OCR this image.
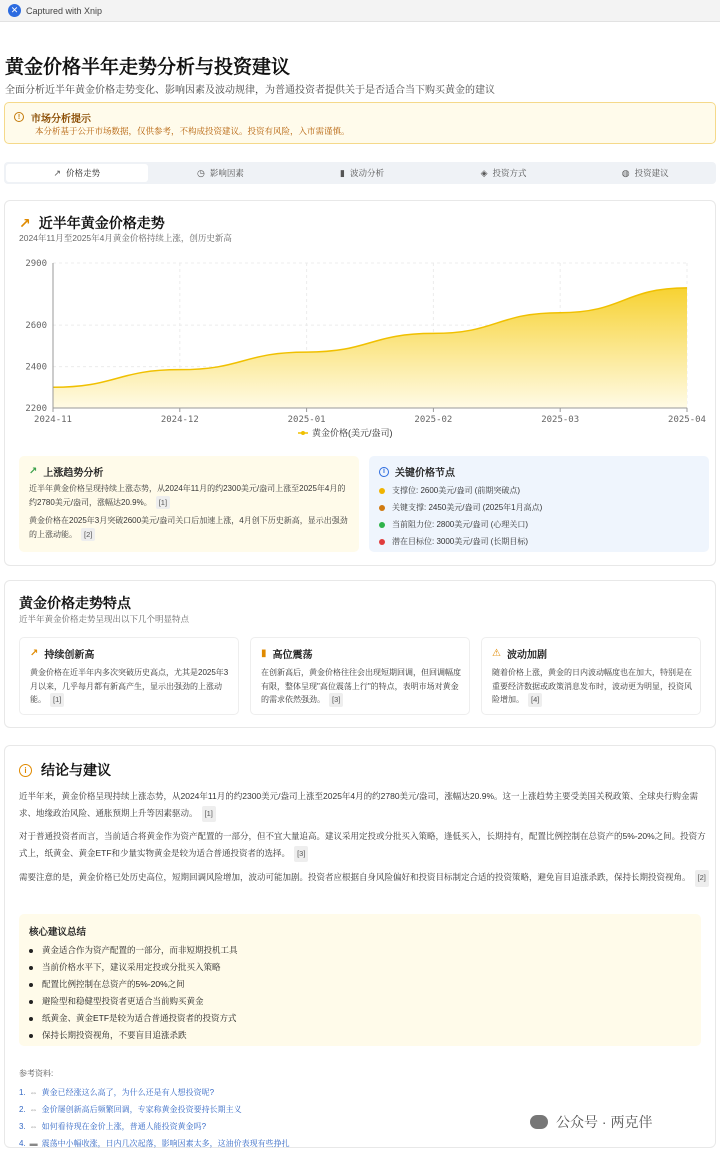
✕ Captured with Xnip
黄金价格半年走势分析与投资建议
全面分析近半年黄金价格走势变化、影响因素及波动规律，为普通投资者提供关于是否适合当下购买黄金的建议
!	市场分析提示
本分析基于公开市场数据，仅供参考，不构成投资建议。投资有风险，入市需谨慎。
↗ 价格走势	◷ 影响因素	▮ 波动分析	◈ 投资方式	◍ 投资建议
↗ 近半年黄金价格走势
2024年11月至2025年4月黄金价格持续上涨，创历史新高
2200
2400
2600
2900
2024-11	2024-12	2025-01	2025-02	2025-03	2025-04
黄金价格(美元/盎司)
↗ 上涨趋势分析
近半年黄金价格呈现持续上涨态势，从2024年11月的约2300美元/盎司上涨至2025年4月的约2780美元/盎司，涨幅达20.9%。 [1]
黄金价格在2025年3月突破2600美元/盎司关口后加速上涨，4月创下历史新高，显示出强劲的上涨动能。 [2]
i	关键价格节点
支撑位: 2600美元/盎司 (前期突破点)
关键支撑: 2450美元/盎司 (2025年1月高点)
当前阻力位: 2800美元/盎司 (心理关口)
潜在目标位: 3000美元/盎司 (长期目标)
黄金价格走势特点
近半年黄金价格走势呈现出以下几个明显特点
↗ 持续创新高
黄金价格在近半年内多次突破历史高点，尤其是2025年3月以来，几乎每月都有新高产生，显示出强劲的上涨动能。 [1]
▮ 高位震荡
在创新高后，黄金价格往往会出现短期回调，但回调幅度有限，整体呈现"高位震荡上行"的特点，表明市场对黄金的需求依然强劲。 [3]
⚠ 波动加剧
随着价格上涨，黄金的日内波动幅度也在加大，特别是在重要经济数据或政策消息发布时，波动更为明显，投资风险增加。 [4]
i	结论与建议
近半年来，黄金价格呈现持续上涨态势，从2024年11月的约2300美元/盎司上涨至2025年4月的约2780美元/盎司，涨幅达20.9%。这一上涨趋势主要受美国关税政策、全球央行购金需求、地缘政治风险、通胀预期上升等因素驱动。 [1]
对于普通投资者而言，当前适合将黄金作为资产配置的一部分，但不宜大量追高。建议采用定投或分批买入策略，逢低买入，长期持有，配置比例控制在总资产的5%-20%之间。投资方式上，纸黄金、黄金ETF和少量实物黄金是较为适合普通投资者的选择。 [3]
需要注意的是，黄金价格已处历史高位，短期回调风险增加，波动可能加剧。投资者应根据自身风险偏好和投资目标制定合适的投资策略，避免盲目追涨杀跌，保持长期投资视角。 [2]
核心建议总结
黄金适合作为资产配置的一部分，而非短期投机工具
当前价格水平下，建议采用定投或分批买入策略
配置比例控制在总资产的5%-20%之间
避险型和稳健型投资者更适合当前购买黄金
纸黄金、黄金ETF是较为适合普通投资者的投资方式
保持长期投资视角，不要盲目追涨杀跌
参考资料:
1. ⇔ 黄金已经涨这么高了，为什么还是有人想投资呢?
2. ⇔ 金价屡创新高后频繁回调，专家称黄金投资要持长期主义
3. ⇔ 如何看待现在金价上涨，普通人能投资黄金吗?
4. ▬ 震荡中小幅收涨，日内几次起落，影响因素太多，这油价表现有些挣扎
公众号 · 两克伴
